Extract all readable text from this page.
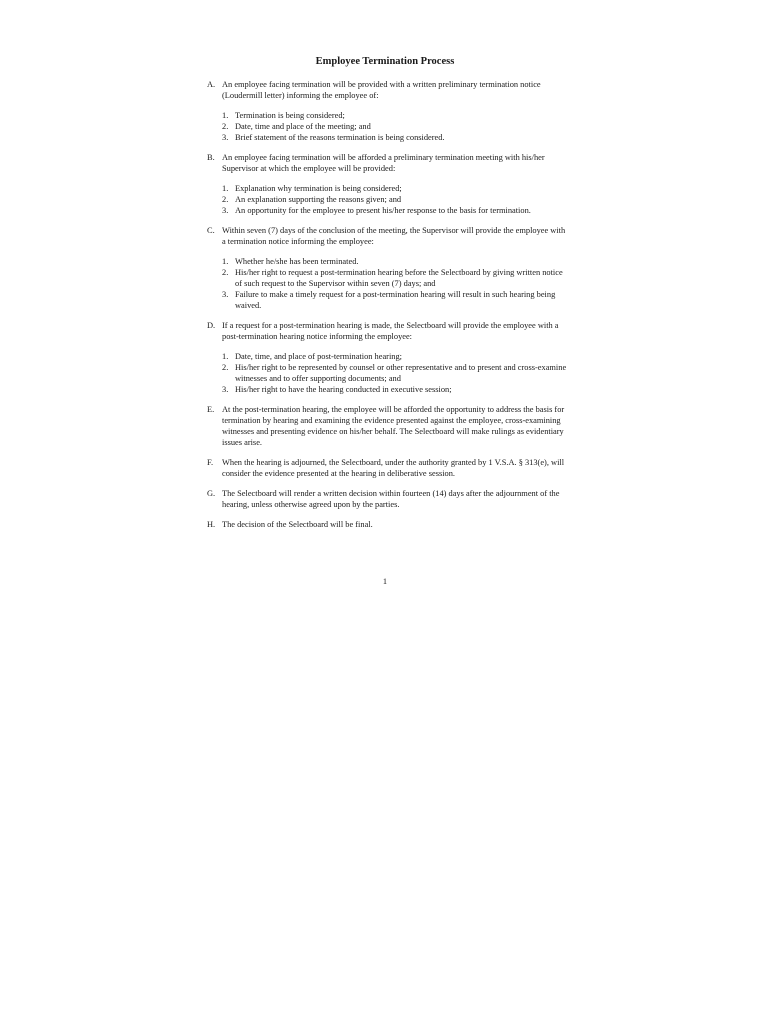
Employee Termination Process
A. An employee facing termination will be provided with a written preliminary termination notice (Loudermill letter) informing the employee of:
1. Termination is being considered;
2. Date, time and place of the meeting; and
3. Brief statement of the reasons termination is being considered.
B. An employee facing termination will be afforded a preliminary termination meeting with his/her Supervisor at which the employee will be provided:
1. Explanation why termination is being considered;
2. An explanation supporting the reasons given; and
3. An opportunity for the employee to present his/her response to the basis for termination.
C. Within seven (7) days of the conclusion of the meeting, the Supervisor will provide the employee with a termination notice informing the employee:
1. Whether he/she has been terminated.
2. His/her right to request a post-termination hearing before the Selectboard by giving written notice of such request to the Supervisor within seven (7) days; and
3. Failure to make a timely request for a post-termination hearing will result in such hearing being waived.
D. If a request for a post-termination hearing is made, the Selectboard will provide the employee with a post-termination hearing notice informing the employee:
1. Date, time, and place of post-termination hearing;
2. His/her right to be represented by counsel or other representative and to present and cross-examine witnesses and to offer supporting documents; and
3. His/her right to have the hearing conducted in executive session;
E. At the post-termination hearing, the employee will be afforded the opportunity to address the basis for termination by hearing and examining the evidence presented against the employee, cross-examining witnesses and presenting evidence on his/her behalf. The Selectboard will make rulings as evidentiary issues arise.
F. When the hearing is adjourned, the Selectboard, under the authority granted by 1 V.S.A. § 313(e), will consider the evidence presented at the hearing in deliberative session.
G. The Selectboard will render a written decision within fourteen (14) days after the adjournment of the hearing, unless otherwise agreed upon by the parties.
H. The decision of the Selectboard will be final.
1
